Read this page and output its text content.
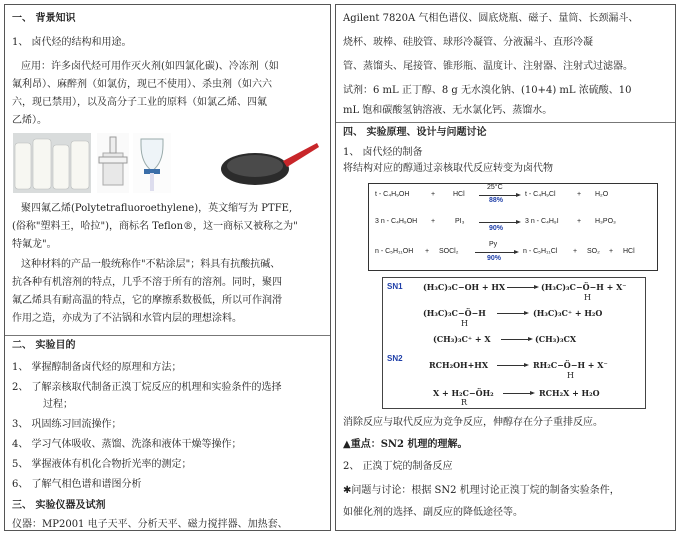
一、 背景知识
1、 卤代烃的结构和用途。
应用：许多卤代烃可用作灭火剂(如四氯化碳)、冷冻剂（如
氟利昂）、麻醉剂（如氯仿，现已不使用）、杀虫剂（如六六
六，现已禁用），以及高分子工业的原料（如氯乙烯、四氟
乙烯）。
聚四氟乙烯(Polytetrafluoroethylene)，英文缩写为 PTFE,
(俗称"塑料王，哈拉")，商标名 Teflon®，这一商标又被称之为"
特氟龙"。
这种材料的产品一般统称作"不粘涂层"；料具有抗酸抗碱、
抗各种有机溶剂的特点，几乎不溶于所有的溶剂。同时，聚四
氟乙烯具有耐高温的特点，它的摩擦系数极低，所以可作润滑
作用之造，亦成为了不沾锅和水管内层的理想涂料。
二、 实验目的
1、 掌握醇制备卤代烃的原理和方法；
2、 了解亲核取代制备正溴丁烷反应的机理和实验条件的选择
过程；
3、 巩固练习回流操作；
4、 学习气体吸收、蒸馏、洗涤和液体干燥等操作；
5、 掌握液体有机化合物折光率的测定；
6、 了解气相色谱和谱图分析
三、 实验仪器及试剂
仪器：MP2001 电子天平、分析天平、磁力搅拌器、加热套、
Agilent 7820A 气相色谱仪、圆底烧瓶、磁子、量筒、长颈漏斗、
烧杯、玻棒、硅胶管、球形冷凝管、分液漏斗、直形冷凝
管、蒸馏头、尾接管、锥形瓶、温度计、注射器、注射式过滤器。
试剂：6 mL 正丁醇、8 g 无水溴化钠、(10+4) mL 浓硫酸、10
mL 饱和碳酸氢钠溶液、无水氯化钙、蒸馏水。
四、 实验原理、设计与问题讨论
1、 卤代烃的制备
将结构对应的醇通过亲核取代反应转变为卤代物
t - C₄H₉OH	+	HCl
25°C
88%
t - C₄H₉Cl	+ H₂O
3 n - C₄H₉OH +	PI₃
90%
3 n - C₄H₉I	+ H₃PO₃
n - C₅H₁₁OH + SOCl₂
Py
90%
n - C₅H₁₁Cl + SO₂ + HCl
SN1	(H₃C)₃C−OH + HX	(H₃C)₃C−Ö−H + X⁻
H
(H₃C)₃C−Ö−H
H
(H₃C)₃C⁺ + H₂O
(CH₃)₃C⁺ + X	(CH₃)₃CX
SN2
RCH₂OH+HX	RH₂C−Ö−H + X⁻
H
X + H₂C−ÖH₂
R
RCH₂X + H₂O
消除反应与取代反应为竞争反应，伸醇存在分子重排反应。
▲重点：SN2 机理的理解。
2、 正溴丁烷的制备反应
✱问题与讨论：根据 SN2 机理讨论正溴丁烷的制备实验条件，
如催化剂的选择、副反应的降低途径等。
